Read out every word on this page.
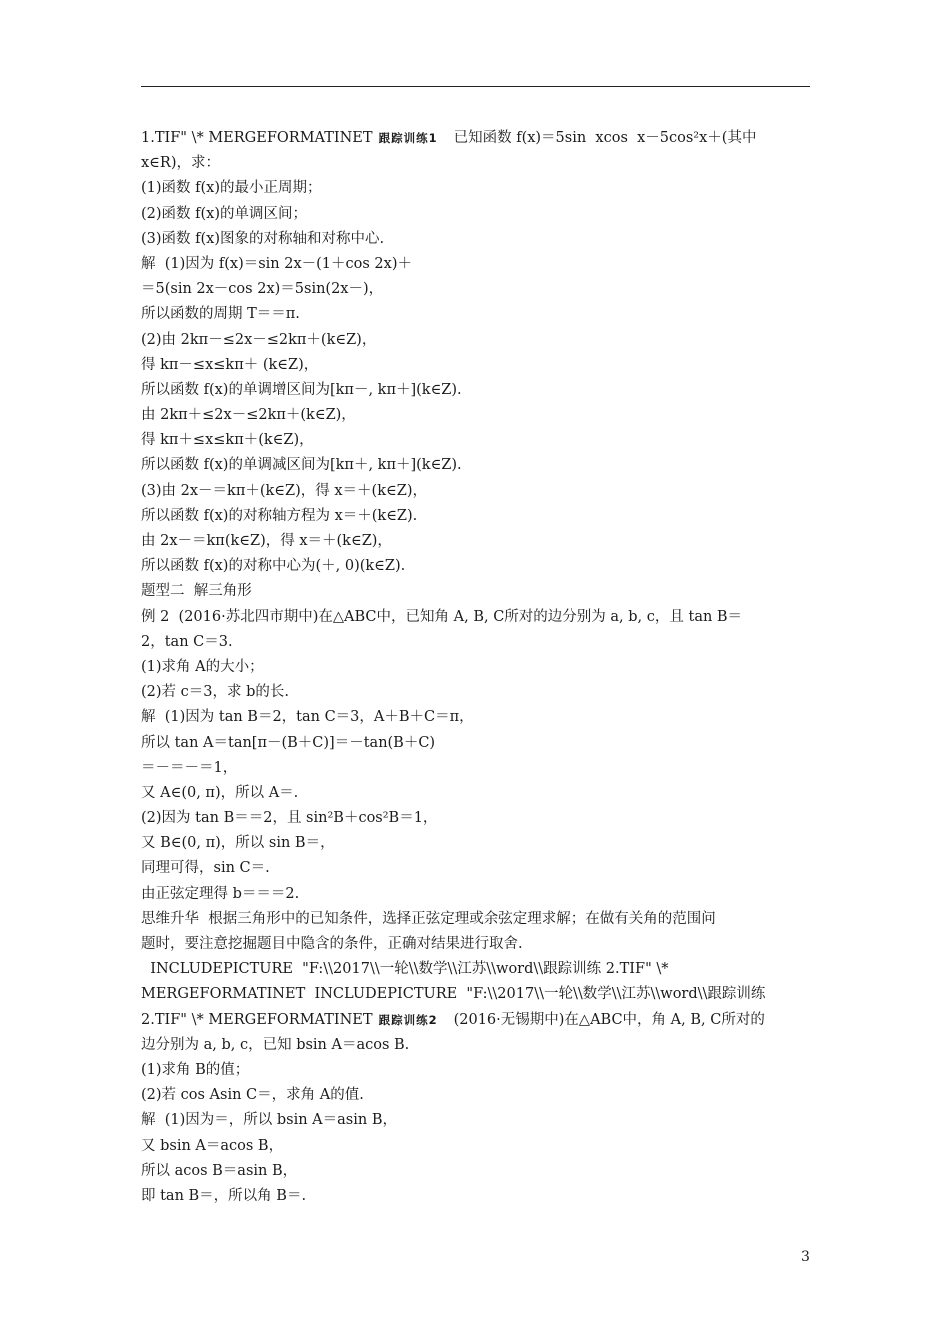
1.TIF" \* MERGEFORMATINET 跟踪训练1 已知函数 f(x)＝5sin  xcos  x－5cos²x＋(其中
x∈R)，求：
(1)函数 f(x)的最小正周期；
(2)函数 f(x)的单调区间；
(3)函数 f(x)图象的对称轴和对称中心.
解  (1)因为 f(x)＝sin 2x－(1＋cos 2x)＋
＝5(sin 2x－cos 2x)＝5sin(2x－)，
所以函数的周期 T＝＝π.
(2)由 2kπ－≤2x－≤2kπ＋(k∈Z)，
得 kπ－≤x≤kπ＋ (k∈Z)，
所以函数 f(x)的单调增区间为[kπ－, kπ＋](k∈Z).
由 2kπ＋≤2x－≤2kπ＋(k∈Z)，
得 kπ＋≤x≤kπ＋(k∈Z)，
所以函数 f(x)的单调减区间为[kπ＋, kπ＋](k∈Z).
(3)由 2x－＝kπ＋(k∈Z)，得 x＝＋(k∈Z)，
所以函数 f(x)的对称轴方程为 x＝＋(k∈Z).
由 2x－＝kπ(k∈Z)，得 x＝＋(k∈Z)，
所以函数 f(x)的对称中心为(＋, 0)(k∈Z).
题型二  解三角形
例 2  (2016·苏北四市期中)在△ABC中，已知角 A, B, C所对的边分别为 a, b, c，且 tan B＝
2，tan C＝3.
(1)求角 A的大小；
(2)若 c＝3，求 b的长.
解  (1)因为 tan B＝2，tan C＝3，A＋B＋C＝π，
所以 tan A＝tan[π－(B＋C)]＝－tan(B＋C)
＝－＝－＝1，
又 A∈(0, π)，所以 A＝.
(2)因为 tan B＝＝2，且 sin²B＋cos²B＝1，
又 B∈(0, π)，所以 sin B＝，
同理可得，sin C＝.
由正弦定理得 b＝＝＝2.
思维升华  根据三角形中的已知条件，选择正弦定理或余弦定理求解；在做有关角的范围问
题时，要注意挖掘题目中隐含的条件，正确对结果进行取舍.
INCLUDEPICTURE  "F:\\2017\\一轮\\数学\\江苏\\word\\跟踪训练 2.TIF" \*
MERGEFORMATINET  INCLUDEPICTURE  "F:\\2017\\一轮\\数学\\江苏\\word\\跟踪训练
2.TIF" \* MERGEFORMATINET 跟踪训练2 (2016·无锡期中)在△ABC中，角 A, B, C所对的
边分别为 a, b, c，已知 bsin A＝acos B.
(1)求角 B的值；
(2)若 cos Asin C＝，求角 A的值.
解  (1)因为＝，所以 bsin A＝asin B，
又 bsin A＝acos B，
所以 acos B＝asin B，
即 tan B＝，所以角 B＝.
3
